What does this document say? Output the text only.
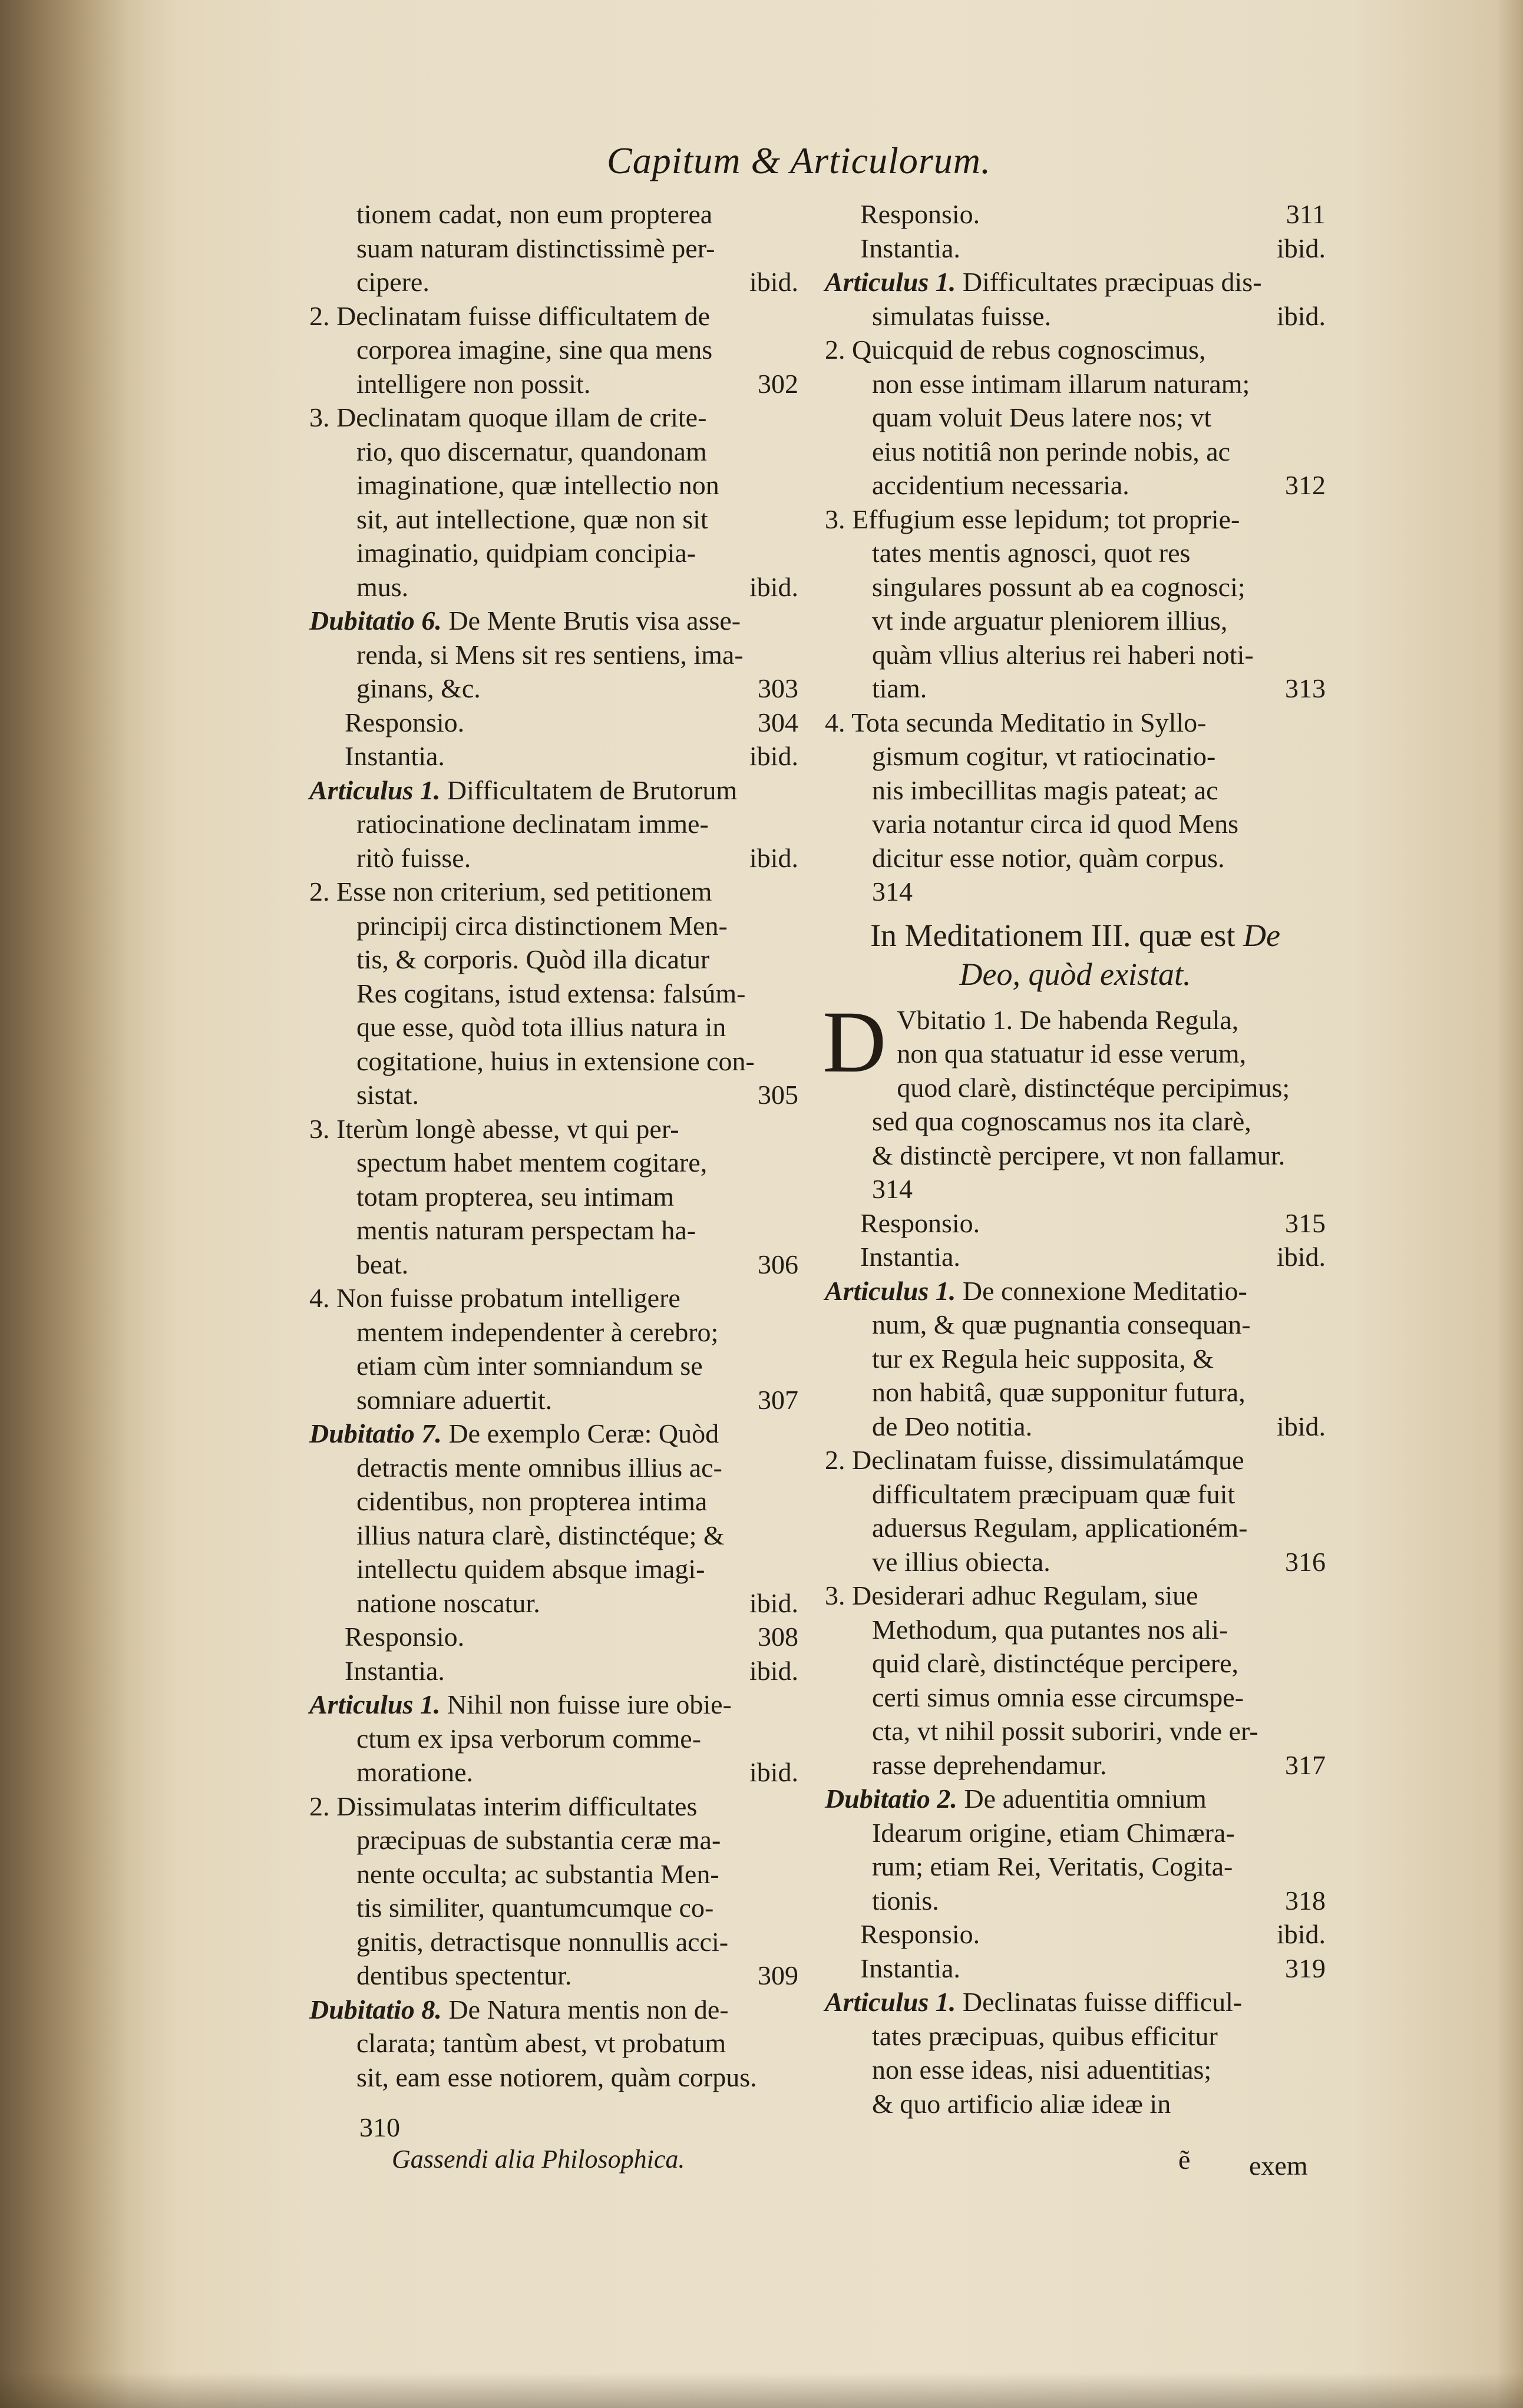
Capitum & Articulorum.
tionem cadat, non eum propterea
suam naturam distinctissimè per-
cipere.	ibid.
2. Declinatam fuisse difficultatem de
corporea imagine, sine qua mens
intelligere non possit.	302
3. Declinatam quoque illam de crite-
rio, quo discernatur, quandonam
imaginatione, quæ intellectio non
sit, aut intellectione, quæ non sit
imaginatio, quidpiam concipia-
mus.	ibid.
Dubitatio 6. De Mente Brutis visa asse-
renda, si Mens sit res sentiens, ima-
ginans, &c.	303
Responsio.	304
Instantia.	ibid.
Articulus 1. Difficultatem de Brutorum
ratiocinatione declinatam imme-
ritò fuisse.	ibid.
2. Esse non criterium, sed petitionem
principij circa distinctionem Men-
tis, & corporis. Quòd illa dicatur
Res cogitans, istud extensa: falsúm-
que esse, quòd tota illius natura in
cogitatione, huius in extensione con-
sistat.	305
3. Iterùm longè abesse, vt qui per-
spectum habet mentem cogitare,
totam propterea, seu intimam
mentis naturam perspectam ha-
beat.	306
4. Non fuisse probatum intelligere
mentem independenter à cerebro;
etiam cùm inter somniandum se
somniare aduertit.	307
Dubitatio 7. De exemplo Ceræ: Quòd
detractis mente omnibus illius ac-
cidentibus, non propterea intima
illius natura clarè, distinctéque; &
intellectu quidem absque imagi-
natione noscatur.	ibid.
Responsio.	308
Instantia.	ibid.
Articulus 1. Nihil non fuisse iure obie-
ctum ex ipsa verborum comme-
moratione.	ibid.
2. Dissimulatas interim difficultates
præcipuas de substantia ceræ ma-
nente occulta; ac substantia Men-
tis similiter, quantumcumque co-
gnitis, detractisque nonnullis acci-
dentibus spectentur.	309
Dubitatio 8. De Natura mentis non de-
clarata; tantùm abest, vt probatum
sit, eam esse notiorem, quàm corpus.
Responsio.	311
Instantia.	ibid.
Articulus 1. Difficultates præcipuas dis-
simulatas fuisse.	ibid.
2. Quicquid de rebus cognoscimus,
non esse intimam illarum naturam;
quam voluit Deus latere nos; vt
eius notitiâ non perinde nobis, ac
accidentium necessaria.	312
3. Effugium esse lepidum; tot proprie-
tates mentis agnosci, quot res
singulares possunt ab ea cognosci;
vt inde arguatur pleniorem illius,
quàm vllius alterius rei haberi noti-
tiam.	313
4. Tota secunda Meditatio in Syllo-
gismum cogitur, vt ratiocinatio-
nis imbecillitas magis pateat; ac
varia notantur circa id quod Mens
dicitur esse notior, quàm corpus.
314
In Meditationem III. quæ est De
Deo, quòd existat.
D Vbitatio 1. De habenda Regula,
non qua statuatur id esse verum,
quod clarè, distinctéque percipimus;
sed qua cognoscamus nos ita clarè,
& distinctè percipere, vt non fallamur.
314
Responsio.	315
Instantia.	ibid.
Articulus 1. De connexione Meditatio-
num, & quæ pugnantia consequan-
tur ex Regula heic supposita, &
non habitâ, quæ supponitur futura,
de Deo notitia.	ibid.
2. Declinatam fuisse, dissimulatámque
difficultatem præcipuam quæ fuit
aduersus Regulam, applicationém-
ve illius obiecta.	316
3. Desiderari adhuc Regulam, siue
Methodum, qua putantes nos ali-
quid clarè, distinctéque percipere,
certi simus omnia esse circumspe-
cta, vt nihil possit suboriri, vnde er-
rasse deprehendamur.	317
Dubitatio 2. De aduentitia omnium
Idearum origine, etiam Chimæra-
rum; etiam Rei, Veritatis, Cogita-
tionis.	318
Responsio.	ibid.
Instantia.	319
Articulus 1. Declinatas fuisse difficul-
tates præcipuas, quibus efficitur
non esse ideas, nisi aduentitias;
& quo artificio aliæ ideæ in
310
Gassendi alia Philosophica.	ẽ exem
